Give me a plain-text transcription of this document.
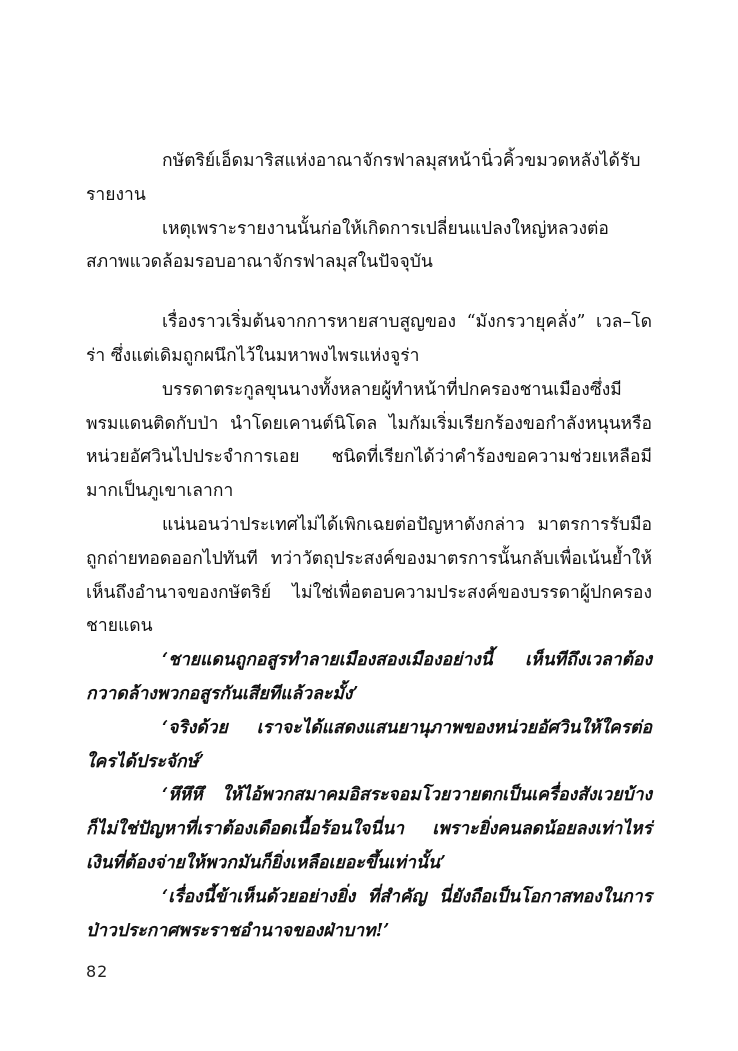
กษัตริย์เอ็ดมาริสแห่งอาณาจักรฟาลมุสหน้านิ่วคิ้วขมวดหลังได้รับรายงาน

เหตุเพราะรายงานนั้นก่อให้เกิดการเปลี่ยนแปลงใหญ่หลวงต่อสภาพแวดล้อมรอบอาณาจักรฟาลมุสในปัจจุบัน

เรื่องราวเริ่มต้นจากการหายสาบสูญของ “มังกรวายุคลั่ง” เวล–โดร่า ซึ่งแต่เดิมถูกผนึกไว้ในมหาพงไพรแห่งจูร่า

บรรดาตระกูลขุนนางทั้งหลายผู้ทำหน้าที่ปกครองชานเมืองซึ่งมีพรมแดนติดกับป่า นำโดยเคานต์นิโดล ไมกัมเริ่มเรียกร้องขอกำลังหนุนหรือหน่วยอัศวินไปประจำการเอย ชนิดที่เรียกได้ว่าคำร้องขอความช่วยเหลือมีมากเป็นภูเขาเลากา

แน่นอนว่าประเทศไม่ได้เพิกเฉยต่อปัญหาดังกล่าว มาตรการรับมือถูกถ่ายทอดออกไปทันที ทว่าวัตถุประสงค์ของมาตรการนั้นกลับเพื่อเน้นย้ำให้เห็นถึงอำนาจของกษัตริย์ ไม่ใช่เพื่อตอบความประสงค์ของบรรดาผู้ปกครองชายแดน

‘ชายแดนถูกอสูรทำลายเมืองสองเมืองอย่างนี้ เห็นทีถึงเวลาต้องกวาดล้างพวกอสูรกันเสียทีแล้วละมั้ง’

‘จริงด้วย เราจะได้แสดงแสนยานุภาพของหน่วยอัศวินให้ใครต่อใครได้ประจักษ์’

‘หึหึหึ ให้ไอ้พวกสมาคมอิสระจอมโวยวายตกเป็นเครื่องสังเวยบ้าง ก็ไม่ใช่ปัญหาที่เราต้องเดือดเนื้อร้อนใจนี่นา เพราะยิ่งคนลดน้อยลงเท่าไหร่ เงินที่ต้องจ่ายให้พวกมันก็ยิ่งเหลือเยอะขึ้นเท่านั้น’

‘เรื่องนี้ข้าเห็นด้วยอย่างยิ่ง ที่สำคัญ นี่ยังถือเป็นโอกาสทองในการป่าวประกาศพระราชอำนาจของฝ่าบาท!’

82
